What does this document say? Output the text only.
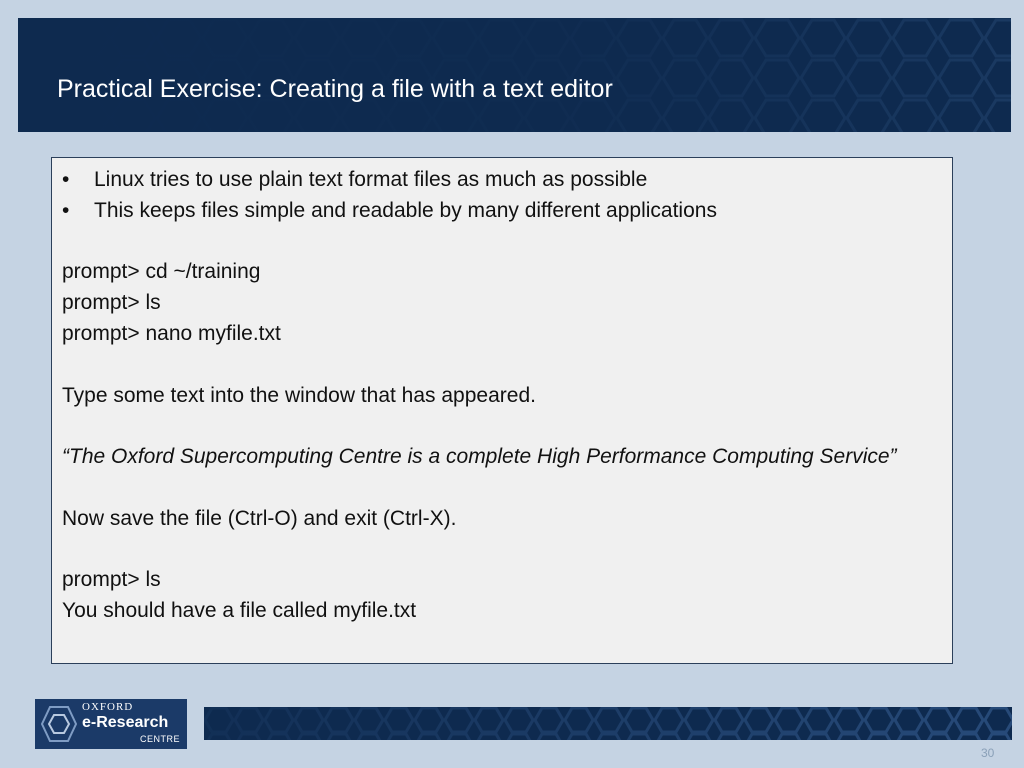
Practical Exercise: Creating a file with a text editor
•	Linux tries to use plain text format files as much as possible
•	This keeps files simple and readable by many different applications
prompt> cd ~/training
prompt> ls
prompt> nano myfile.txt
Type some text into the window that has appeared.
“The Oxford Supercomputing Centre is a complete High Performance Computing Service”
Now save the file (Ctrl-O) and exit (Ctrl-X).
prompt> ls
You should have a file called myfile.txt
OXFORD
e-Research
CENTRE
30
